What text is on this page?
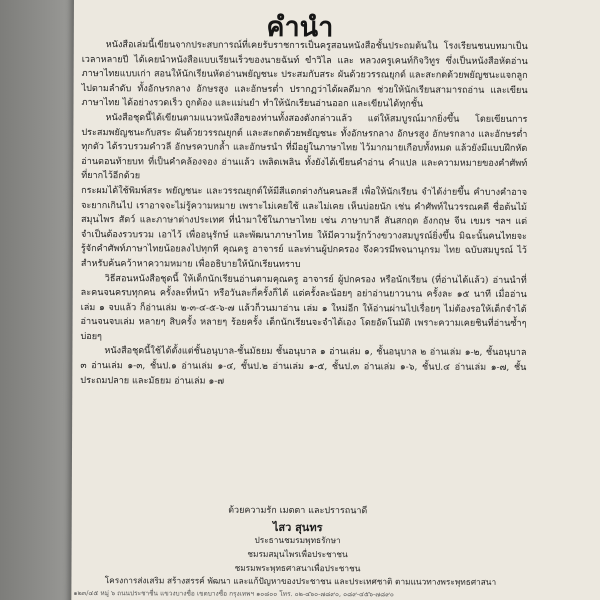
คำนำ

หนังสือเล่มนี้เขียนจากประสบการณ์ที่เคยรับราชการเป็นครูสอนหนังสือชั้นประถมต้นใน โรงเรียนชนบทมาเป็นเวลาหลายปี ได้เคยนำหนังสือแบบเรียนเร็วของนายฉันท์ ขำวิไล และ หลวงครูเคนท์กิจวิทูร ซึ่งเป็นหนังสือหัดอ่านภาษาไทยแบบเก่า สอนให้นักเรียนหัดอ่านพยัญชนะ ประสมกับสระ ผันด้วยวรรณยุกต์ และสะกดด้วยพยัญชนะแจกลูกไปตามลำดับ ทั้งอักษรกลาง อักษรสูง และอักษรต่ำ ปรากฏว่าได้ผลดีมาก ช่วยให้นักเรียนสามารถอ่าน และเขียนภาษาไทย ได้อย่างรวดเร็ว ถูกต้อง และแม่นยำ ทำให้นักเรียนอ่านออก และเขียนได้ทุกชั้น

หนังสือชุดนี้ได้เขียนตามแนวหนังสือของท่านทั้งสองดังกล่าวแล้ว แต่ให้สมบูรณ์มากยิ่งขึ้น โดยเขียนการประสมพยัญชนะกับสระ ผันด้วยวรรณยุกต์ และสะกดด้วยพยัญชนะ ทั้งอักษรกลาง อักษรสูง อักษรกลาง และอักษรต่ำทุกตัว ได้รวบรวมคำวลี อักษรควบกล้ำ และอักษรนำ ที่มีอยู่ในภาษาไทย ไว้มากมายเกือบทั้งหมด แล้วยังมีแบบฝึกหัดอ่านตอนท้ายบท ที่เป็นคำคล้องจอง อ่านแล้ว เพลิดเพลิน ทั้งยังได้เขียนคำอ่าน คำแปล และความหมายของคำศัพท์ ที่ยากไว้อีกด้วย

กระผมได้ใช้พิมพ์สระ พยัญชนะ และวรรณยุกต์ให้มีสีแตกต่างกันคนละสี เพื่อให้นักเรียน จำได้ง่ายขึ้น คำบางคำอาจจะยากเกินไป เราอาจจะไม่รู้ความหมาย เพราะไม่เคยใช้ และไม่เคย เห็นบ่อยนัก เช่น คำศัพท์ในวรรณคดี ชื่อต้นไม้ สมุนไพร สัตว์ และภาษาต่างประเทศ ที่นำมาใช้ในภาษาไทย เช่น ภาษาบาลี สันสกฤต อังกฤษ จีน เขมร ฯลฯ แต่จำเป็นต้องรวบรวม เอาไว้ เพื่ออนุรักษ์ และพัฒนาภาษาไทย ให้มีความรู้กว้างขวางสมบูรณ์ยิ่งขึ้น มิฉะนั้นคนไทยจะ รู้จักคำศัพท์ภาษาไทยน้อยลงไปทุกที คุณครู อาจารย์ และท่านผู้ปกครอง จึงควรมีพจนานุกรม ไทย ฉบับสมบูรณ์ ไว้สำหรับค้นคว้าหาความหมาย เพื่ออธิบายให้นักเรียนทราบ

วิธีสอนหนังสือชุดนี้ ให้เด็กนักเรียนอ่านตามคุณครู อาจารย์ ผู้ปกครอง หรือนักเรียน (ที่อ่านได้แล้ว) อ่านนำที่ละคนจนครบทุกคน ครั้งละที่หน้า หรือวันละกี่ครั้งก็ได้ แต่ครั้งละน้อยๆ อย่าอ่านยาวนาน ครั้งละ ๑๕ นาที เมื่ออ่านเล่ม ๑ จบแล้ว ก็อ่านเล่ม ๒-๓-๔-๕-๖-๗ แล้วก็วนมาอ่าน เล่ม ๑ ใหม่อีก ให้อ่านผ่านไปเรื่อยๆ ไม่ต้องรอให้เด็กจำได้ อ่านจนจบเล่ม หลายๆ สิบครั้ง หลายๆ ร้อยครั้ง เด็กนักเรียนจะจำได้เอง โดยอัตโนมัติ เพราะความเคยชินที่อ่านซ้ำๆ บ่อยๆ

หนังสือชุดนี้ใช้ได้ตั้งแต่ชั้นอนุบาล-ชั้นมัธยม ชั้นอนุบาล ๑ อ่านเล่ม ๑, ชั้นอนุบาล ๒ อ่านเล่ม ๑-๒, ชั้นอนุบาล ๓ อ่านเล่ม ๑-๓, ชั้นป.๑ อ่านเล่ม ๑-๔, ชั้นป.๒ อ่านเล่ม ๑-๕, ชั้นป.๓ อ่านเล่ม ๑-๖, ชั้นป.๔ อ่านเล่ม ๑-๗, ชั้นประถมปลาย และมัธยม อ่านเล่ม ๑-๗

ด้วยความรัก เมตตา และปรารถนาดี
ไสว สุนทร
ประธานชมรมพุทธรักษา
ชมรมสมุนไพรเพื่อประชาชน
ชมรมพระพุทธศาสนาเพื่อประชาชน
โครงการส่งเสริม สร้างสรรค์ พัฒนา และแก้ปัญหาของประชาชน และประเทศชาติ ตามแนวทางพระพุทธศาสนา
๑๒๓/๔๕ หมู่ ๖ ถนนประชาชื่น แขวงบางซื่อ เขตบางซื่อ กรุงเทพฯ ๑๐๘๐๐ โทร. ๐๒-๔๖๐-๗๘๙๐, ๐๘๙-๔๕๖-๗๘๙๐
